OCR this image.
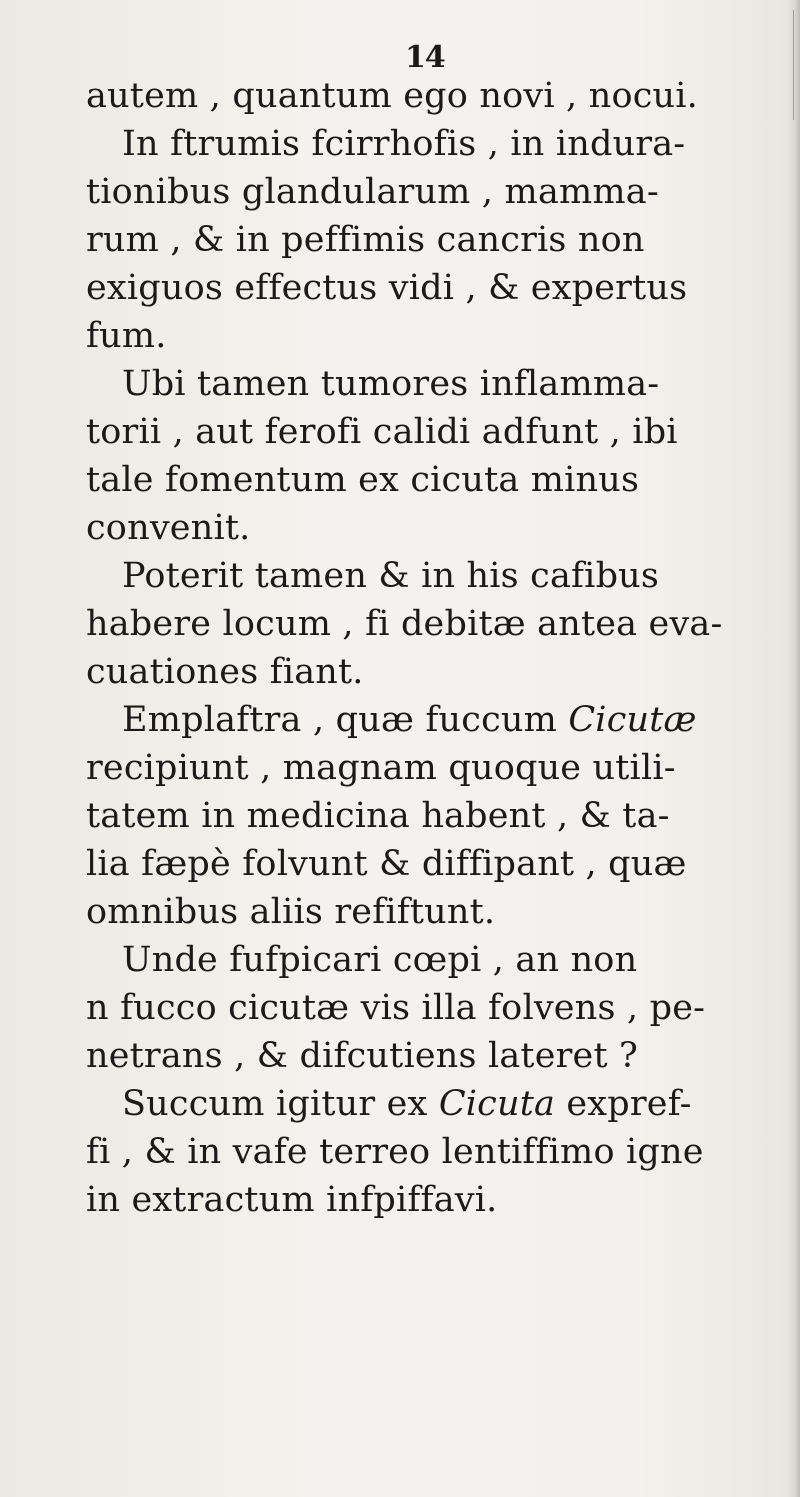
14
autem , quantum ego novi , nocui.
In ftrumis fcirrhofis , in indura-
tionibus glandularum , mamma-
rum , & in peffimis cancris non
exiguos effectus vidi , & expertus
fum.
Ubi tamen tumores inflamma-
torii , aut ferofi calidi adfunt , ibi
tale fomentum ex cicuta minus
convenit.
Poterit tamen & in his cafibus
habere locum , fi debitæ antea eva-
cuationes fiant.
Emplaftra , quæ fuccum Cicutæ
recipiunt , magnam quoque utili-
tatem in medicina habent , & ta-
lia fæpè folvunt & diffipant , quæ
omnibus aliis refiftunt.
Unde fufpicari cœpi , an non
n fucco cicutæ vis illa folvens , pe-
netrans , & difcutiens lateret ?
Succum igitur ex Cicuta expref-
fi , & in vafe terreo lentiffimo igne
in extractum infpiffavi.
